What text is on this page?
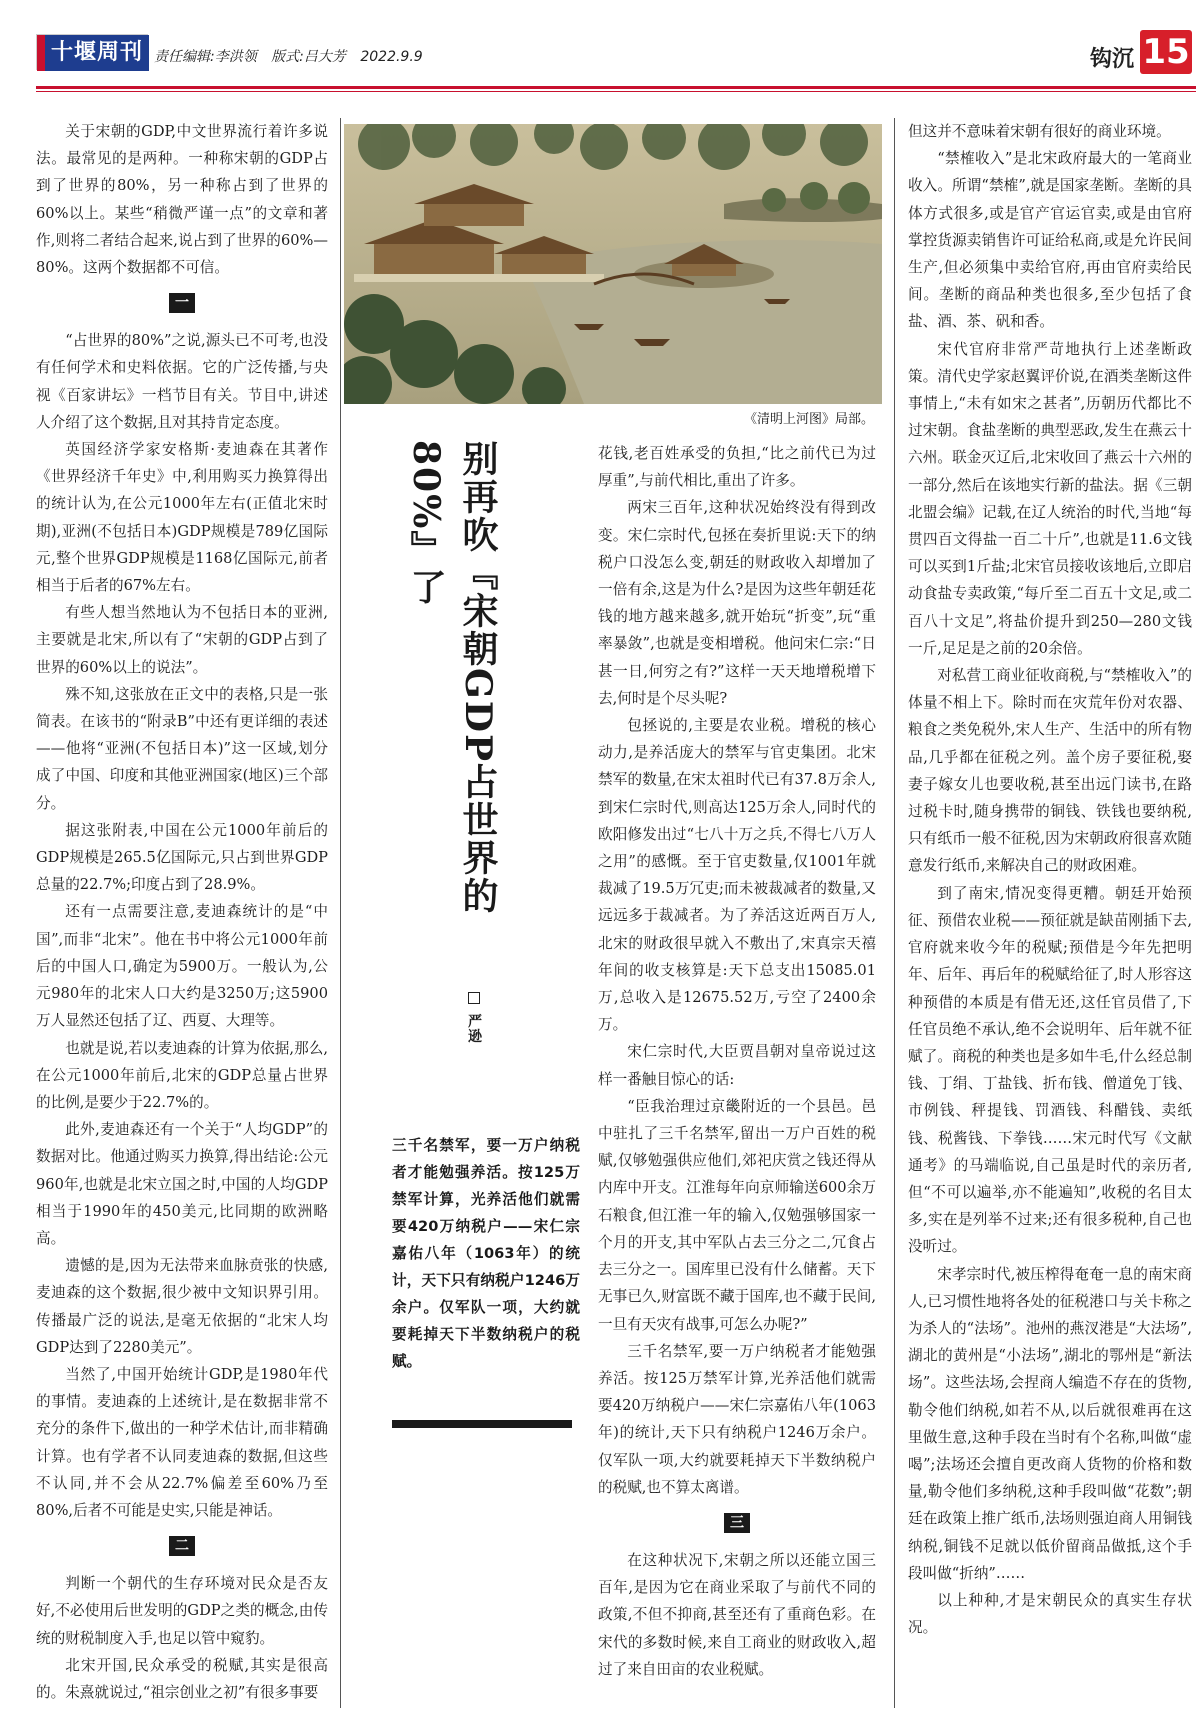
十堰周刊 责任编辑:李洪领 版式:吕大芳 2022.9.9	钩沉 15

关于宋朝的GDP,中文世界流行着许多说法。最常见的是两种。一种称宋朝的GDP占到了世界的80%，另一种称占到了世界的60%以上。某些“稍微严谨一点”的文章和著作,则将二者结合起来,说占到了世界的60%—80%。这两个数据都不可信。

一

“占世界的80%”之说,源头已不可考,也没有任何学术和史料依据。它的广泛传播,与央视《百家讲坛》一档节目有关。节目中,讲述人介绍了这个数据,且对其持肯定态度。

英国经济学家安格斯·麦迪森在其著作《世界经济千年史》中,利用购买力换算得出的统计认为,在公元1000年左右(正值北宋时期),亚洲(不包括日本)GDP规模是789亿国际元,整个世界GDP规模是1168亿国际元,前者相当于后者的67%左右。

有些人想当然地认为不包括日本的亚洲,主要就是北宋,所以有了“宋朝的GDP占到了世界的60%以上的说法”。

殊不知,这张放在正文中的表格,只是一张简表。在该书的“附录B”中还有更详细的表述——他将“亚洲(不包括日本)”这一区域,划分成了中国、印度和其他亚洲国家(地区)三个部分。

据这张附表,中国在公元1000年前后的GDP规模是265.5亿国际元,只占到世界GDP总量的22.7%;印度占到了28.9%。

还有一点需要注意,麦迪森统计的是“中国”,而非“北宋”。他在书中将公元1000年前后的中国人口,确定为5900万。一般认为,公元980年的北宋人口大约是3250万;这5900万人显然还包括了辽、西夏、大理等。

也就是说,若以麦迪森的计算为依据,那么,在公元1000年前后,北宋的GDP总量占世界的比例,是要少于22.7%的。

此外,麦迪森还有一个关于“人均GDP”的数据对比。他通过购买力换算,得出结论:公元960年,也就是北宋立国之时,中国的人均GDP相当于1990年的450美元,比同期的欧洲略高。

遗憾的是,因为无法带来血脉贲张的快感,麦迪森的这个数据,很少被中文知识界引用。传播最广泛的说法,是毫无依据的“北宋人均GDP达到了2280美元”。

当然了,中国开始统计GDP,是1980年代的事情。麦迪森的上述统计,是在数据非常不充分的条件下,做出的一种学术估计,而非精确计算。也有学者不认同麦迪森的数据,但这些不认同,并不会从22.7%偏差至60%乃至80%,后者不可能是史实,只能是神话。

二

判断一个朝代的生存环境对民众是否友好,不必使用后世发明的GDP之类的概念,由传统的财税制度入手,也足以管中窥豹。

北宋开国,民众承受的税赋,其实是很高的。朱熹就说过,“祖宗创业之初”有很多事要

《清明上河图》局部。
别再吹『宋朝GDP占世界的80%』了
严逊
三千名禁军，要一万户纳税者才能勉强养活。按125万禁军计算，光养活他们就需要420万纳税户——宋仁宗嘉佑八年（1063年）的统计，天下只有纳税户1246万余户。仅军队一项，大约就要耗掉天下半数纳税户的税赋。

花钱,老百姓承受的负担,“比之前代已为过厚重”,与前代相比,重出了许多。

两宋三百年,这种状况始终没有得到改变。宋仁宗时代,包拯在奏折里说:天下的纳税户口没怎么变,朝廷的财政收入却增加了一倍有余,这是为什么?是因为这些年朝廷花钱的地方越来越多,就开始玩“折变”,玩“重率暴敛”,也就是变相增税。他问宋仁宗:“日甚一日,何穷之有?”这样一天天地增税增下去,何时是个尽头呢?

包拯说的,主要是农业税。增税的核心动力,是养活庞大的禁军与官吏集团。北宋禁军的数量,在宋太祖时代已有37.8万余人,到宋仁宗时代,则高达125万余人,同时代的欧阳修发出过“七八十万之兵,不得七八万人之用”的感慨。至于官吏数量,仅1001年就裁减了19.5万冗吏;而未被裁减者的数量,又远远多于裁减者。为了养活这近两百万人,北宋的财政很早就入不敷出了,宋真宗天禧年间的收支核算是:天下总支出15085.01万,总收入是12675.52万,亏空了2400余万。

宋仁宗时代,大臣贾昌朝对皇帝说过这样一番触目惊心的话:

“臣我治理过京畿附近的一个县邑。邑中驻扎了三千名禁军,留出一万户百姓的税赋,仅够勉强供应他们,郊祀庆赏之钱还得从内库中开支。江淮每年向京师输送600余万石粮食,但江淮一年的输入,仅勉强够国家一个月的开支,其中军队占去三分之二,冗食占去三分之一。国库里已没有什么储蓄。天下无事已久,财富既不藏于国库,也不藏于民间,一旦有天灾有战事,可怎么办呢?”

三千名禁军,要一万户纳税者才能勉强养活。按125万禁军计算,光养活他们就需要420万纳税户——宋仁宗嘉佑八年(1063年)的统计,天下只有纳税户1246万余户。仅军队一项,大约就要耗掉天下半数纳税户的税赋,也不算太离谱。

三

在这种状况下,宋朝之所以还能立国三百年,是因为它在商业采取了与前代不同的政策,不但不抑商,甚至还有了重商色彩。在宋代的多数时候,来自工商业的财政收入,超过了来自田亩的农业税赋。

但这并不意味着宋朝有很好的商业环境。

“禁榷收入”是北宋政府最大的一笔商业收入。所谓“禁榷”,就是国家垄断。垄断的具体方式很多,或是官产官运官卖,或是由官府掌控货源卖销售许可证给私商,或是允许民间生产,但必须集中卖给官府,再由官府卖给民间。垄断的商品种类也很多,至少包括了食盐、酒、茶、矾和香。

宋代官府非常严苛地执行上述垄断政策。清代史学家赵翼评价说,在酒类垄断这件事情上,“未有如宋之甚者”,历朝历代都比不过宋朝。食盐垄断的典型恶政,发生在燕云十六州。联金灭辽后,北宋收回了燕云十六州的一部分,然后在该地实行新的盐法。据《三朝北盟会编》记载,在辽人统治的时代,当地“每贯四百文得盐一百二十斤”,也就是11.6文钱可以买到1斤盐;北宋官员接收该地后,立即启动食盐专卖政策,“每斤至二百五十文足,或二百八十文足”,将盐价提升到250—280文钱一斤,足足是之前的20余倍。

对私营工商业征收商税,与“禁榷收入”的体量不相上下。除时而在灾荒年份对农器、粮食之类免税外,宋人生产、生活中的所有物品,几乎都在征税之列。盖个房子要征税,娶妻子嫁女儿也要收税,甚至出远门读书,在路过税卡时,随身携带的铜钱、铁钱也要纳税,只有纸币一般不征税,因为宋朝政府很喜欢随意发行纸币,来解决自己的财政困难。

到了南宋,情况变得更糟。朝廷开始预征、预借农业税——预征就是缺苗刚插下去,官府就来收今年的税赋;预借是今年先把明年、后年、再后年的税赋给征了,时人形容这种预借的本质是有借无还,这任官员借了,下任官员绝不承认,绝不会说明年、后年就不征赋了。商税的种类也是多如牛毛,什么经总制钱、丁绢、丁盐钱、折布钱、僧道免丁钱、市例钱、秤提钱、罚酒钱、科醋钱、卖纸钱、税酱钱、下拳钱……宋元时代写《文献通考》的马端临说,自己虽是时代的亲历者,但“不可以遍举,亦不能遍知”,收税的名目太多,实在是列举不过来;还有很多税种,自己也没听过。

宋孝宗时代,被压榨得奄奄一息的南宋商人,已习惯性地将各处的征税港口与关卡称之为杀人的“法场”。池州的燕汊港是“大法场”,湖北的黄州是“小法场”,湖北的鄂州是“新法场”。这些法场,会捏商人编造不存在的货物,勒令他们纳税,如若不从,以后就很难再在这里做生意,这种手段在当时有个名称,叫做“虚喝”;法场还会擅自更改商人货物的价格和数量,勒令他们多纳税,这种手段叫做“花数”;朝廷在政策上推广纸币,法场则强迫商人用铜钱纳税,铜钱不足就以低价留商品做抵,这个手段叫做“折纳”……

以上种种,才是宋朝民众的真实生存状况。
